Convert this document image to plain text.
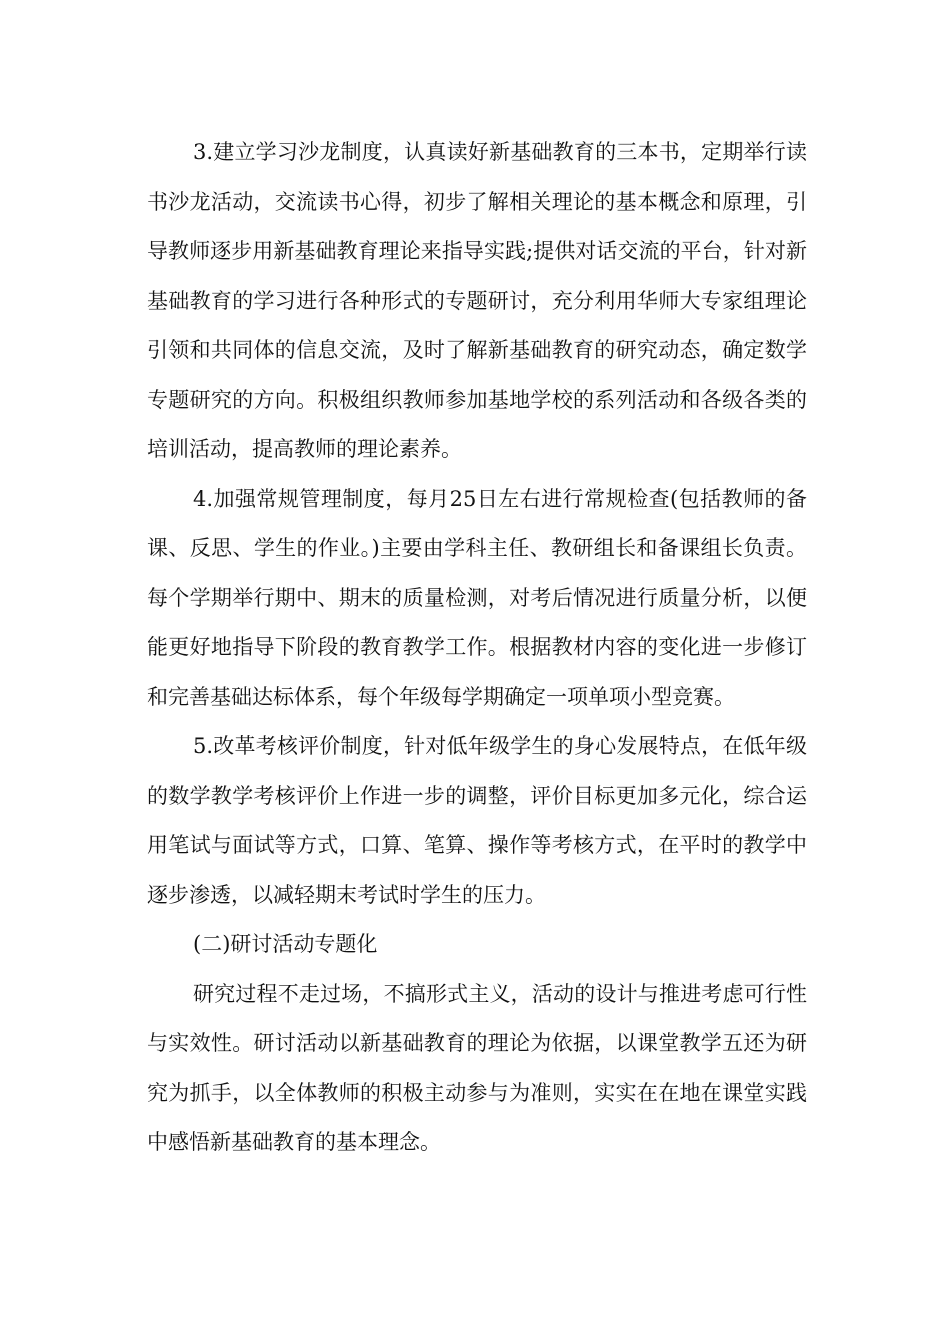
3.建立学习沙龙制度，认真读好新基础教育的三本书，定期举行读书沙龙活动，交流读书心得，初步了解相关理论的基本概念和原理，引导教师逐步用新基础教育理论来指导实践;提供对话交流的平台，针对新基础教育的学习进行各种形式的专题研讨，充分利用华师大专家组理论引领和共同体的信息交流，及时了解新基础教育的研究动态，确定数学专题研究的方向。积极组织教师参加基地学校的系列活动和各级各类的培训活动，提高教师的理论素养。

4.加强常规管理制度，每月25日左右进行常规检查(包括教师的备课、反思、学生的作业。)主要由学科主任、教研组长和备课组长负责。每个学期举行期中、期末的质量检测，对考后情况进行质量分析，以便能更好地指导下阶段的教育教学工作。根据教材内容的变化进一步修订和完善基础达标体系，每个年级每学期确定一项单项小型竞赛。

5.改革考核评价制度，针对低年级学生的身心发展特点，在低年级的数学教学考核评价上作进一步的调整，评价目标更加多元化，综合运用笔试与面试等方式，口算、笔算、操作等考核方式，在平时的教学中逐步渗透，以减轻期末考试时学生的压力。

(二)研讨活动专题化

研究过程不走过场，不搞形式主义，活动的设计与推进考虑可行性与实效性。研讨活动以新基础教育的理论为依据，以课堂教学五还为研究为抓手，以全体教师的积极主动参与为准则，实实在在地在课堂实践中感悟新基础教育的基本理念。
